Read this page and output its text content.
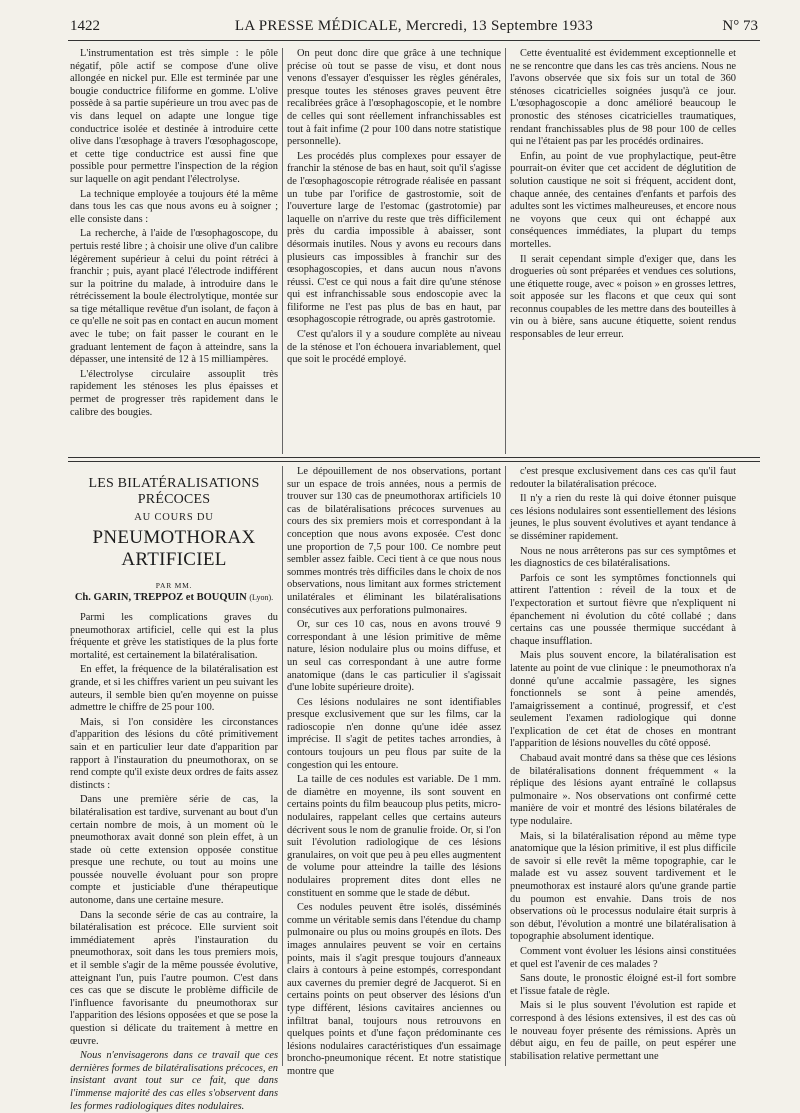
1422	LA PRESSE MÉDICALE, Mercredi, 13 Septembre 1933	N° 73

L'instrumentation est très simple : le pôle négatif, pôle actif se compose d'une olive allongée en nickel pur. Elle est terminée par une bougie conductrice filiforme en gomme. L'olive possède à sa partie supérieure un trou avec pas de vis dans lequel on adapte une longue tige conductrice isolée et destinée à introduire cette olive dans l'œsophage à travers l'œsophagoscope, et cette tige conductrice est aussi fine que possible pour permettre l'inspection de la région sur laquelle on agit pendant l'électrolyse.

La technique employée a toujours été la même dans tous les cas que nous avons eu à soigner ; elle consiste dans :

La recherche, à l'aide de l'œsophagoscope, du pertuis resté libre ; à choisir une olive d'un calibre légèrement supérieur à celui du point rétréci à franchir ; puis, ayant placé l'électrode indifférent sur la poitrine du malade, à introduire dans le rétrécissement la boule électrolytique, montée sur sa tige métallique revêtue d'un isolant, de façon à ce qu'elle ne soit pas en contact en aucun moment avec le tube; on fait passer le courant en le graduant lentement de façon à atteindre, sans la dépasser, une intensité de 12 à 15 milliampères.

L'électrolyse circulaire assouplit très rapidement les sténoses les plus épaisses et permet de progresser très rapidement dans le calibre des bougies.

On peut donc dire que grâce à une technique précise où tout se passe de visu, et dont nous venons d'essayer d'esquisser les règles générales, presque toutes les sténoses graves peuvent être recalibrées grâce à l'œsophagoscopie, et le nombre de celles qui sont réellement infranchissables est tout à fait infime (2 pour 100 dans notre statistique personnelle).

Les procédés plus complexes pour essayer de franchir la sténose de bas en haut, soit qu'il s'agisse de l'œsophagoscopie rétrograde réalisée en passant un tube par l'orifice de gastrostomie, soit de l'ouverture large de l'estomac (gastrotomie) par laquelle on n'arrive du reste que très difficilement près du cardia impossible à abaisser, sont désormais inutiles. Nous y avons eu recours dans plusieurs cas impossibles à franchir sur des œsophagoscopies, et dans aucun nous n'avons réussi. C'est ce qui nous a fait dire qu'une sténose qui est infranchissable sous endoscopie avec la filiforme ne l'est pas plus de bas en haut, par œsophagoscopie rétrograde, ou après gastrotomie.

C'est qu'alors il y a soudure complète au niveau de la sténose et l'on échouera invariablement, quel que soit le procédé employé.

Cette éventualité est évidemment exceptionnelle et ne se rencontre que dans les cas très anciens. Nous ne l'avons observée que six fois sur un total de 360 sténoses cicatricielles soignées jusqu'à ce jour. L'œsophagoscopie a donc amélioré beaucoup le pronostic des sténoses cicatricielles traumatiques, rendant franchissables plus de 98 pour 100 de celles qui ne l'étaient pas par les procédés ordinaires.

Enfin, au point de vue prophylactique, peut-être pourrait-on éviter que cet accident de déglutition de solution caustique ne soit si fréquent, accident dont, chaque année, des centaines d'enfants et parfois des adultes sont les victimes malheureuses, et encore nous ne voyons que ceux qui ont échappé aux conséquences immédiates, la plupart du temps mortelles.

Il serait cependant simple d'exiger que, dans les drogueries où sont préparées et vendues ces solutions, une étiquette rouge, avec « poison » en grosses lettres, soit apposée sur les flacons et que ceux qui sont reconnus coupables de les mettre dans des bouteilles à vin ou à bière, sans aucune étiquette, soient rendus responsables de leur erreur.

LES BILATÉRALISATIONS PRÉCOCES
AU COURS DU
PNEUMOTHORAX ARTIFICIEL
PAR MM.
Ch. GARIN, TREPPOZ et BOUQUIN (Lyon).

Parmi les complications graves du pneumothorax artificiel, celle qui est la plus fréquente et grève les statistiques de la plus forte mortalité, est certainement la bilatéralisation.

En effet, la fréquence de la bilatéralisation est grande, et si les chiffres varient un peu suivant les auteurs, il semble bien qu'en moyenne on puisse admettre le chiffre de 25 pour 100.

Mais, si l'on considère les circonstances d'apparition des lésions du côté primitivement sain et en particulier leur date d'apparition par rapport à l'instauration du pneumothorax, on se rend compte qu'il existe deux ordres de faits assez distincts :

Dans une première série de cas, la bilatéralisation est tardive, survenant au bout d'un certain nombre de mois, à un moment où le pneumothorax avait donné son plein effet, à un stade où cette extension opposée constitue presque une rechute, ou tout au moins une poussée nouvelle évoluant pour son propre compte et justiciable d'une thérapeutique autonome, dans une certaine mesure.

Dans la seconde série de cas au contraire, la bilatéralisation est précoce. Elle survient soit immédiatement après l'instauration du pneumothorax, soit dans les tous premiers mois, et il semble s'agir de la même poussée évolutive, atteignant l'un, puis l'autre poumon. C'est dans ces cas que se discute le problème difficile de l'influence favorisante du pneumothorax sur l'apparition des lésions opposées et que se pose la question si délicate du traitement à mettre en œuvre.

Nous n'envisagerons dans ce travail que ces dernières formes de bilatéralisations précoces, en insistant avant tout sur ce fait, que dans l'immense majorité des cas elles s'observent dans les formes radiologiques dites nodulaires.

Le dépouillement de nos observations, portant sur un espace de trois années, nous a permis de trouver sur 130 cas de pneumothorax artificiels 10 cas de bilatéralisations précoces survenues au cours des six premiers mois et correspondant à la conception que nous avons exposée. C'est donc une proportion de 7,5 pour 100. Ce nombre peut sembler assez faible. Ceci tient à ce que nous nous sommes montrés très difficiles dans le choix de nos observations, nous limitant aux formes strictement unilatérales et éliminant les bilatéralisations consécutives aux perforations pulmonaires.

Or, sur ces 10 cas, nous en avons trouvé 9 correspondant à une lésion primitive de même nature, lésion nodulaire plus ou moins diffuse, et un seul cas correspondant à une autre forme anatomique (dans le cas particulier il s'agissait d'une lobite supérieure droite).

Ces lésions nodulaires ne sont identifiables presque exclusivement que sur les films, car la radioscopie n'en donne qu'une idée assez imprécise. Il s'agit de petites taches arrondies, à contours toujours un peu flous par suite de la congestion qui les entoure.

La taille de ces nodules est variable. De 1 mm. de diamètre en moyenne, ils sont souvent en certains points du film beaucoup plus petits, micro-nodulaires, rappelant celles que certains auteurs décrivent sous le nom de granulie froide. Or, si l'on suit l'évolution radiologique de ces lésions granulaires, on voit que peu à peu elles augmentent de volume pour atteindre la taille des lésions nodulaires proprement dites dont elles ne constituent en somme que le stade de début.

Ces nodules peuvent être isolés, disséminés comme un véritable semis dans l'étendue du champ pulmonaire ou plus ou moins groupés en îlots. Des images annulaires peuvent se voir en certains points, mais il s'agit presque toujours d'anneaux clairs à contours à peine estompés, correspondant aux cavernes du premier degré de Jacquerot. Si en certains points on peut observer des lésions d'un type différent, lésions cavitaires anciennes ou infiltrat banal, toujours nous retrouvons en quelques points et d'une façon prédominante ces lésions nodulaires caractéristiques d'un essaimage broncho-pneumonique récent. Et notre statistique montre que

c'est presque exclusivement dans ces cas qu'il faut redouter la bilatéralisation précoce.

Il n'y a rien du reste là qui doive étonner puisque ces lésions nodulaires sont essentiellement des lésions jeunes, le plus souvent évolutives et ayant tendance à se disséminer rapidement.

Nous ne nous arrêterons pas sur ces symptômes et les diagnostics de ces bilatéralisations.

Parfois ce sont les symptômes fonctionnels qui attirent l'attention : réveil de la toux et de l'expectoration et surtout fièvre que n'expliquent ni épanchement ni évolution du côté collabé ; dans certains cas une poussée thermique succédant à chaque insufflation.

Mais plus souvent encore, la bilatéralisation est latente au point de vue clinique : le pneumothorax n'a donné qu'une accalmie passagère, les signes fonctionnels se sont à peine amendés, l'amaigrissement a continué, progressif, et c'est seulement l'examen radiologique qui donne l'explication de cet état de choses en montrant l'apparition de lésions nouvelles du côté opposé.

Chabaud avait montré dans sa thèse que ces lésions de bilatéralisations donnent fréquemment « la réplique des lésions ayant entraîné le collapsus pulmonaire ». Nos observations ont confirmé cette manière de voir et montré des lésions bilatérales de type nodulaire.

Mais, si la bilatéralisation répond au même type anatomique que la lésion primitive, il est plus difficile de savoir si elle revêt la même topographie, car le malade est vu assez souvent tardivement et le pneumothorax est instauré alors qu'une grande partie du poumon est envahie. Dans trois de nos observations où le processus nodulaire était surpris à son début, l'évolution a montré une bilatéralisation à topographie absolument identique.

Comment vont évoluer les lésions ainsi constituées et quel est l'avenir de ces malades ?

Sans doute, le pronostic éloigné est-il fort sombre et l'issue fatale de règle.

Mais si le plus souvent l'évolution est rapide et correspond à des lésions extensives, il est des cas où le nouveau foyer présente des rémissions. Après un début aigu, en feu de paille, on peut espérer une stabilisation relative permettant une
